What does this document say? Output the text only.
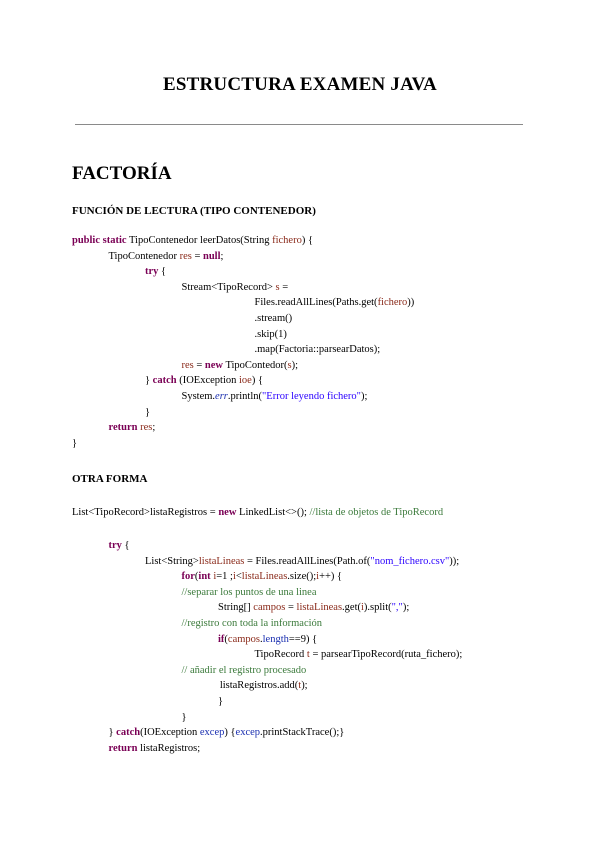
ESTRUCTURA EXAMEN JAVA
FACTORÍA
FUNCIÓN DE LECTURA (TIPO CONTENEDOR)
public static TipoContenedor leerDatos(String fichero) {
TipoContenedor res = null;
try {
Stream<TipoRecord> s =
Files.readAllLines(Paths.get(fichero))
.stream()
.skip(1)
.map(Factoria::parsearDatos);
res = new TipoContedor(s);
} catch (IOException ioe) {
System.err.println("Error leyendo fichero");
}
return res;
}
OTRA FORMA
List<TipoRecord>listaRegistros = new LinkedList<>(); //lista de objetos de TipoRecord
try {
List<String>listaLineas = Files.readAllLines(Path.of("nom_fichero.csv"));
for(int i=1 ;i<listaLineas.size();i++) {
//separar los puntos de una linea
String[] campos = listaLineas.get(i).split(",");
//registro con toda la información
if(campos.length==9) {
TipoRecord t = parsearTipoRecord(ruta_fichero);
// añadir el registro procesado
listaRegistros.add(t);
}
}
} catch(IOException excep) {excep.printStackTrace();}
return listaRegistros;
